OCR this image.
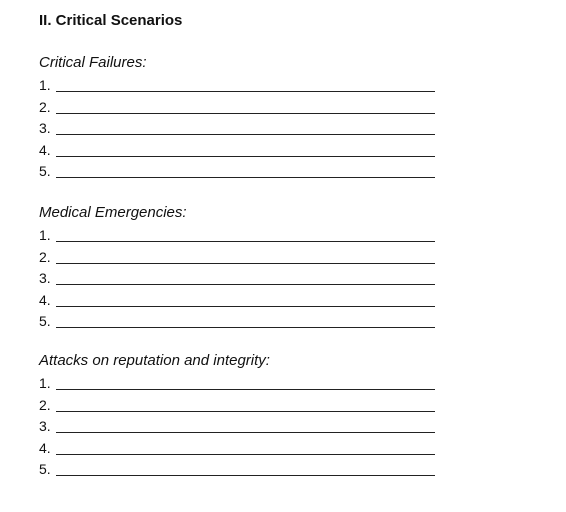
II. Critical Scenarios
Critical Failures:
1.
2.
3.
4.
5.
Medical Emergencies:
1.
2.
3.
4.
5.
Attacks on reputation and integrity:
1.
2.
3.
4.
5.
